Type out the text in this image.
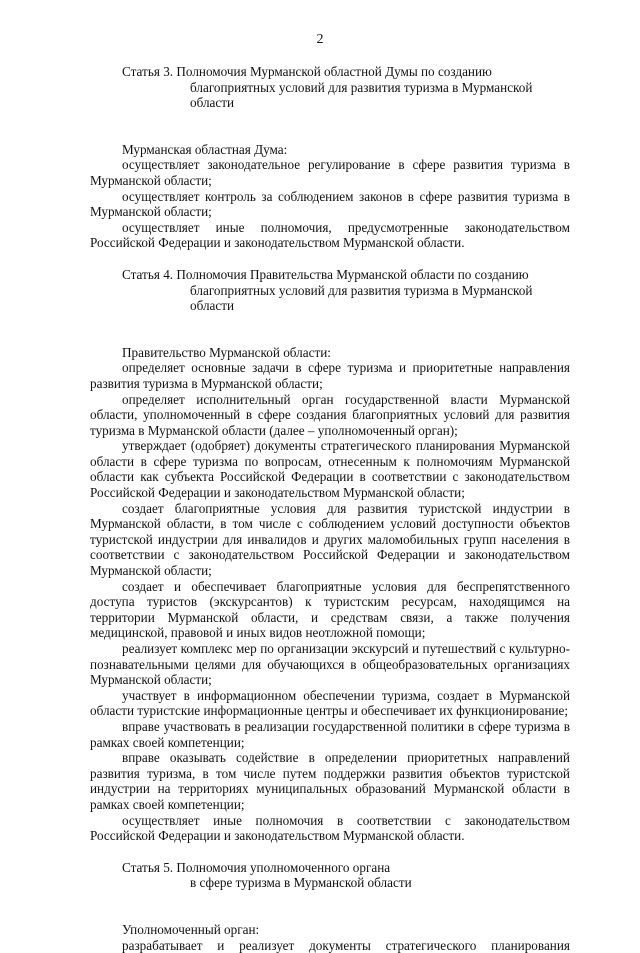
2
Статья 3. Полномочия Мурманской областной Думы по созданию
благоприятных условий для развития туризма в Мурманской области

Мурманская областная Дума:

осуществляет законодательное регулирование в сфере развития туризма в Мурманской области;

осуществляет контроль за соблюдением законов в сфере развития туризма в Мурманской области;

осуществляет иные полномочия, предусмотренные законодательством Российской Федерации и законодательством Мурманской области.

Статья 4. Полномочия Правительства Мурманской области по созданию
благоприятных условий для развития туризма в Мурманской области

Правительство Мурманской области:

определяет основные задачи в сфере туризма и приоритетные направления развития туризма в Мурманской области;

определяет исполнительный орган государственной власти Мурманской области, уполномоченный в сфере создания благоприятных условий для развития туризма в Мурманской области (далее – уполномоченный орган);

утверждает (одобряет) документы стратегического планирования Мурманской области в сфере туризма по вопросам, отнесенным к полномочиям Мурманской области как субъекта Российской Федерации в соответствии с законодательством Российской Федерации и законодательством Мурманской области;

создает благоприятные условия для развития туристской индустрии в Мурманской области, в том числе с соблюдением условий доступности объектов туристской индустрии для инвалидов и других маломобильных групп населения в соответствии с законодательством Российской Федерации и законодательством Мурманской области;

создает и обеспечивает благоприятные условия для беспрепятственного доступа туристов (экскурсантов) к туристским ресурсам, находящимся на территории Мурманской области, и средствам связи, а также получения медицинской, правовой и иных видов неотложной помощи;

реализует комплекс мер по организации экскурсий и путешествий с культурно-познавательными целями для обучающихся в общеобразовательных организациях Мурманской области;

участвует в информационном обеспечении туризма, создает в Мурманской области туристские информационные центры и обеспечивает их функционирование;

вправе участвовать в реализации государственной политики в сфере туризма в рамках своей компетенции;

вправе оказывать содействие в определении приоритетных направлений развития туризма, в том числе путем поддержки развития объектов туристской индустрии на территориях муниципальных образований Мурманской области в рамках своей компетенции;

осуществляет иные полномочия в соответствии с законодательством Российской Федерации и законодательством Мурманской области.

Статья 5. Полномочия уполномоченного органа
в сфере туризма в Мурманской области

Уполномоченный орган:

разрабатывает и реализует документы стратегического планирования
